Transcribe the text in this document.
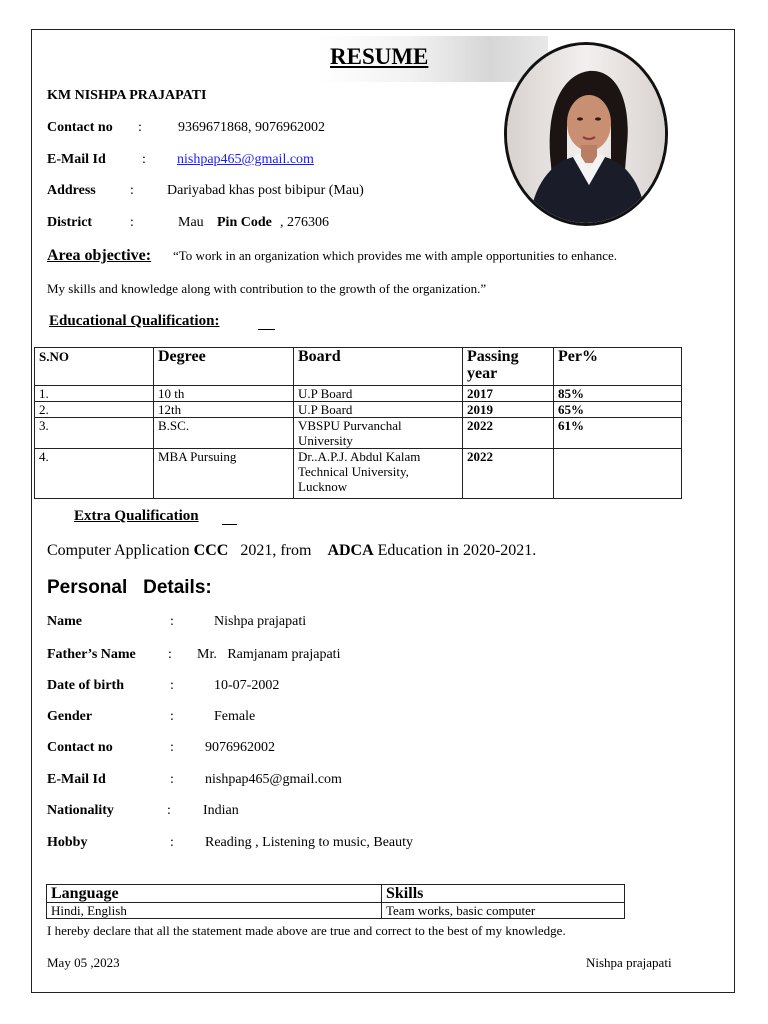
RESUME
KM NISHPA PRAJAPATI
Contact no :	9369671868, 9076962002
E-Mail Id	: nishpap465@gmail.com
Address : Dariyabad khas post bibipur (Mau)
District	:	Mau Pin Code , 276306
Area objective: “To work in an organization which provides me with ample opportunities to enhance.
My skills and knowledge along with contribution to the growth of the organization.”
Educational Qualification:
S.NO	Degree	Board	Passing year	Per%
1.	10 th	U.P Board	2017	85%
2.	12th	U.P Board	2019	65%
3.	B.SC.	VBSPU Purvanchal University	2022	61%
4.	MBA Pursuing	Dr..A.P.J. Abdul Kalam Technical University, Lucknow	2022	
Extra Qualification
Computer Application CCC   2021, from    ADCA Education in 2020-2021.
Personal   Details:
Name	:	Nishpa prajapati
Father’s Name : Mr.   Ramjanam prajapati
Date of birth	:	10-07-2002
Gender	:	Female
Contact no	: 9076962002
E-Mail Id	: nishpap465@gmail.com
Nationality	: Indian
Hobby	: Reading , Listening to music, Beauty
Language	Skills
Hindi, English	Team works, basic computer
I hereby declare that all the statement made above are true and correct to the best of my knowledge.
May 05 ,2023	Nishpa prajapati
